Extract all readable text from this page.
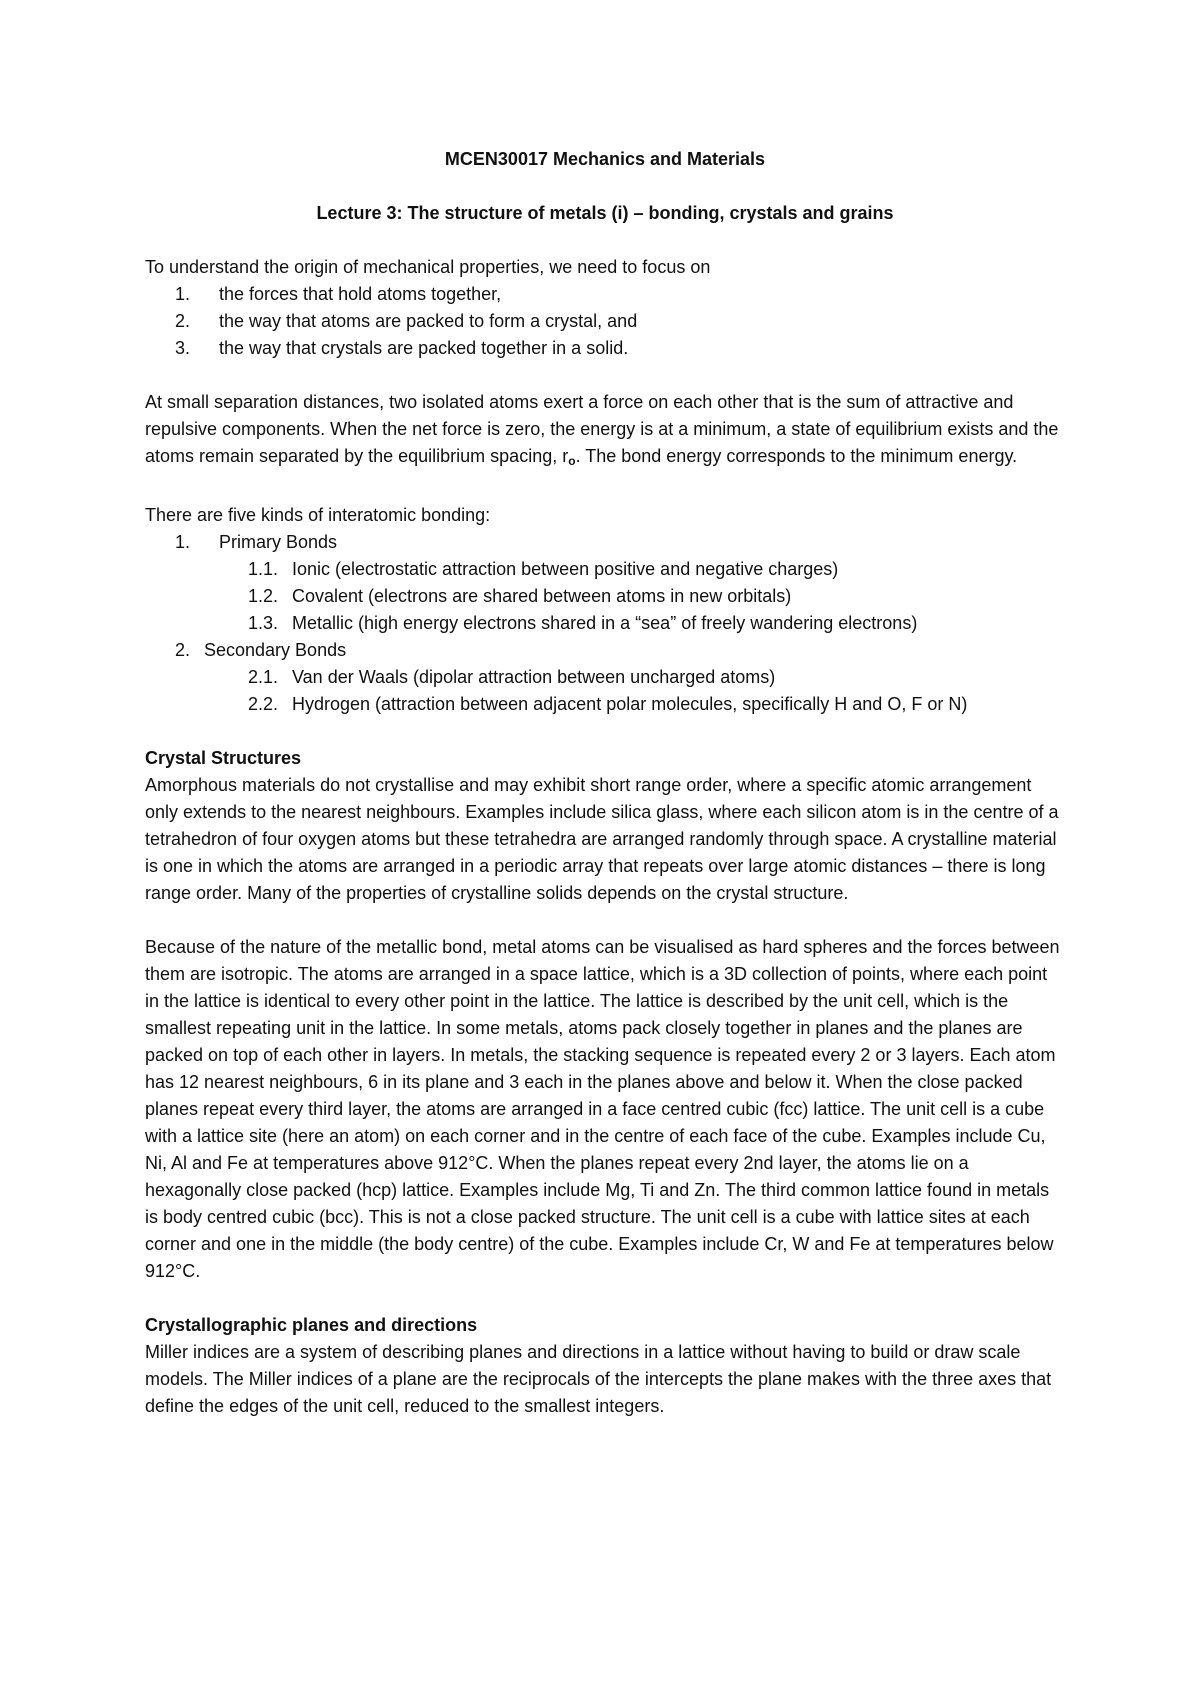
MCEN30017 Mechanics and Materials

Lecture 3: The structure of metals (i) – bonding, crystals and grains

To understand the origin of mechanical properties, we need to focus on

1. the forces that hold atoms together,
2. the way that atoms are packed to form a crystal, and
3. the way that crystals are packed together in a solid.

At small separation distances, two isolated atoms exert a force on each other that is the sum of attractive and repulsive components. When the net force is zero, the energy is at a minimum, a state of equilibrium exists and the atoms remain separated by the equilibrium spacing, $r_o$. The bond energy corresponds to the minimum energy.

There are five kinds of interatomic bonding:

1. Primary Bonds
1.1. Ionic (electrostatic attraction between positive and negative charges)
1.2. Covalent (electrons are shared between atoms in new orbitals)
1.3. Metallic (high energy electrons shared in a “sea” of freely wandering electrons)
2. Secondary Bonds
2.1. Van der Waals (dipolar attraction between uncharged atoms)
2.2. Hydrogen (attraction between adjacent polar molecules, specifically H and O, F or N)

Crystal Structures

Amorphous materials do not crystallise and may exhibit short range order, where a specific atomic arrangement only extends to the nearest neighbours. Examples include silica glass, where each silicon atom is in the centre of a tetrahedron of four oxygen atoms but these tetrahedra are arranged randomly through space. A crystalline material is one in which the atoms are arranged in a periodic array that repeats over large atomic distances – there is long range order. Many of the properties of crystalline solids depends on the crystal structure.

Because of the nature of the metallic bond, metal atoms can be visualised as hard spheres and the forces between them are isotropic. The atoms are arranged in a space lattice, which is a 3D collection of points, where each point in the lattice is identical to every other point in the lattice. The lattice is described by the unit cell, which is the smallest repeating unit in the lattice. In some metals, atoms pack closely together in planes and the planes are packed on top of each other in layers. In metals, the stacking sequence is repeated every 2 or 3 layers. Each atom has 12 nearest neighbours, 6 in its plane and 3 each in the planes above and below it. When the close packed planes repeat every third layer, the atoms are arranged in a face centred cubic (fcc) lattice. The unit cell is a cube with a lattice site (here an atom) on each corner and in the centre of each face of the cube. Examples include Cu, Ni, Al and Fe at temperatures above 912°C. When the planes repeat every 2nd layer, the atoms lie on a hexagonally close packed (hcp) lattice. Examples include Mg, Ti and Zn. The third common lattice found in metals is body centred cubic (bcc). This is not a close packed structure. The unit cell is a cube with lattice sites at each corner and one in the middle (the body centre) of the cube. Examples include Cr, W and Fe at temperatures below 912°C.

Crystallographic planes and directions

Miller indices are a system of describing planes and directions in a lattice without having to build or draw scale models. The Miller indices of a plane are the reciprocals of the intercepts the plane makes with the three axes that define the edges of the unit cell, reduced to the smallest integers.
